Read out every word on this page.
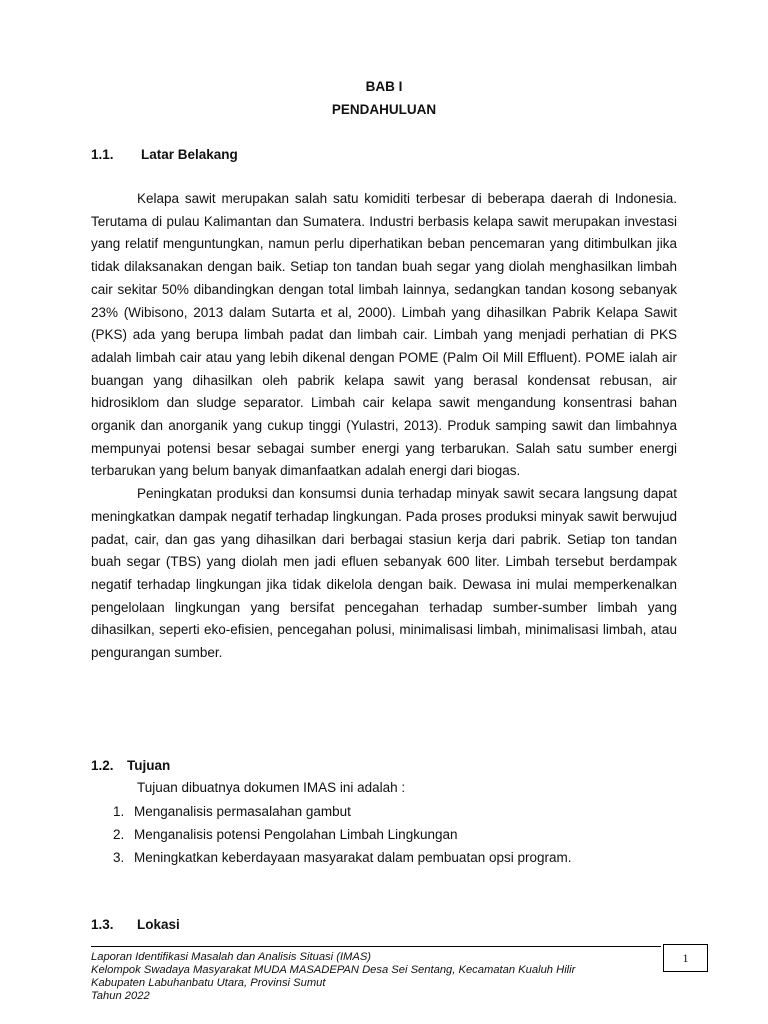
BAB I
PENDAHULUAN
1.1. Latar Belakang

Kelapa sawit merupakan salah satu komiditi terbesar di beberapa daerah di Indonesia. Terutama di pulau Kalimantan dan Sumatera. Industri berbasis kelapa sawit merupakan investasi yang relatif menguntungkan, namun perlu diperhatikan beban pencemaran yang ditimbulkan jika tidak dilaksanakan dengan baik. Setiap ton tandan buah segar yang diolah menghasilkan limbah cair sekitar 50% dibandingkan dengan total limbah lainnya, sedangkan tandan kosong sebanyak 23% (Wibisono, 2013 dalam Sutarta et al, 2000). Limbah yang dihasilkan Pabrik Kelapa Sawit (PKS) ada yang berupa limbah padat dan limbah cair. Limbah yang menjadi perhatian di PKS adalah limbah cair atau yang lebih dikenal dengan POME (Palm Oil Mill Effluent). POME ialah air buangan yang dihasilkan oleh pabrik kelapa sawit yang berasal kondensat rebusan, air hidrosiklom dan sludge separator. Limbah cair kelapa sawit mengandung konsentrasi bahan organik dan anorganik yang cukup tinggi (Yulastri, 2013). Produk samping sawit dan limbahnya mempunyai potensi besar sebagai sumber energi yang terbarukan. Salah satu sumber energi terbarukan yang belum banyak dimanfaatkan adalah energi dari biogas.

Peningkatan produksi dan konsumsi dunia terhadap minyak sawit secara langsung dapat meningkatkan dampak negatif terhadap lingkungan. Pada proses produksi minyak sawit berwujud padat, cair, dan gas yang dihasilkan dari berbagai stasiun kerja dari pabrik. Setiap ton tandan buah segar (TBS) yang diolah men jadi efluen sebanyak 600 liter. Limbah tersebut berdampak negatif terhadap lingkungan jika tidak dikelola dengan baik. Dewasa ini mulai memperkenalkan pengelolaan lingkungan yang bersifat pencegahan terhadap sumber-sumber limbah yang dihasilkan, seperti eko-efisien, pencegahan polusi, minimalisasi limbah, minimalisasi limbah, atau pengurangan sumber.

1.2. Tujuan
Tujuan dibuatnya dokumen IMAS ini adalah :
1. Menganalisis permasalahan gambut
2. Menganalisis potensi Pengolahan Limbah Lingkungan
3. Meningkatkan keberdayaan masyarakat dalam pembuatan opsi program.
1.3. Lokasi
Laporan Identifikasi Masalah dan Analisis Situasi (IMAS)
Kelompok Swadaya Masyarakat MUDA MASADEPAN Desa Sei Sentang, Kecamatan Kualuh Hilir
Kabupaten Labuhanbatu Utara, Provinsi Sumut
Tahun 2022
1
